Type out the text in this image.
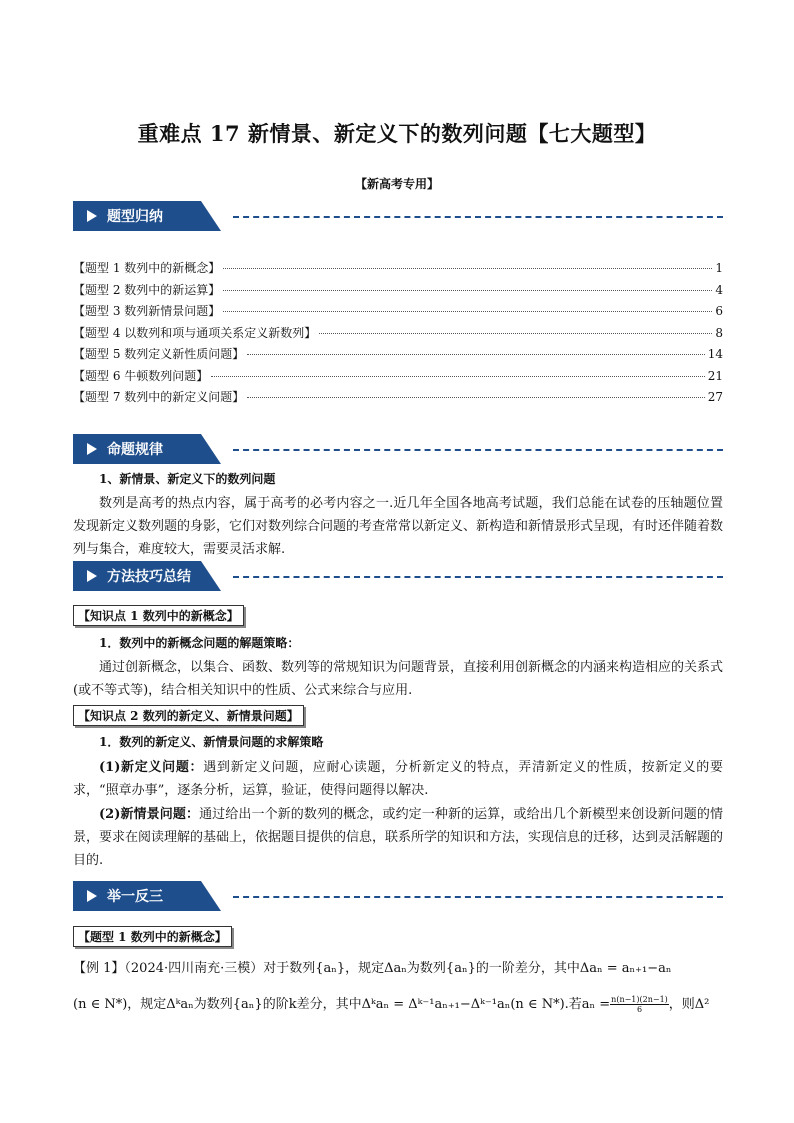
重难点 17 新情景、新定义下的数列问题【七大题型】
【新高考专用】
题型归纳
【题型 1 数列中的新概念】	1
【题型 2 数列中的新运算】	4
【题型 3 数列新情景问题】	6
【题型 4 以数列和项与通项关系定义新数列】	8
【题型 5 数列定义新性质问题】	14
【题型 6 牛顿数列问题】	21
【题型 7 数列中的新定义问题】	27
命题规律
1、新情景、新定义下的数列问题
数列是高考的热点内容，属于高考的必考内容之一.近几年全国各地高考试题，我们总能在试卷的压轴题位置发现新定义数列题的身影，它们对数列综合问题的考查常常以新定义、新构造和新情景形式呈现，有时还伴随着数列与集合，难度较大，需要灵活求解.
方法技巧总结
【知识点 1 数列中的新概念】
1．数列中的新概念问题的解题策略：
通过创新概念，以集合、函数、数列等的常规知识为问题背景，直接利用创新概念的内涵来构造相应的关系式(或不等式等)，结合相关知识中的性质、公式来综合与应用.
【知识点 2 数列的新定义、新情景问题】
1．数列的新定义、新情景问题的求解策略
(1)新定义问题：遇到新定义问题，应耐心读题，分析新定义的特点，弄清新定义的性质，按新定义的要求，“照章办事”，逐条分析，运算，验证，使得问题得以解决.
(2)新情景问题：通过给出一个新的数列的概念，或约定一种新的运算，或给出几个新模型来创设新问题的情景，要求在阅读理解的基础上，依据题目提供的信息，联系所学的知识和方法，实现信息的迁移，达到灵活解题的目的.
举一反三
【题型 1 数列中的新概念】
【例 1】（2024·四川南充·三模）对于数列{aₙ}，规定Δaₙ为数列{aₙ}的一阶差分，其中Δaₙ = aₙ₊₁−aₙ
(n ∈ N*)，规定Δᵏaₙ为数列{aₙ}的阶k差分，其中Δᵏaₙ = Δᵏ⁻¹aₙ₊₁−Δᵏ⁻¹aₙ(n ∈ N*).若$a_n = \frac{n(n-1)(2n-1)}{6}$ ，则Δ²
